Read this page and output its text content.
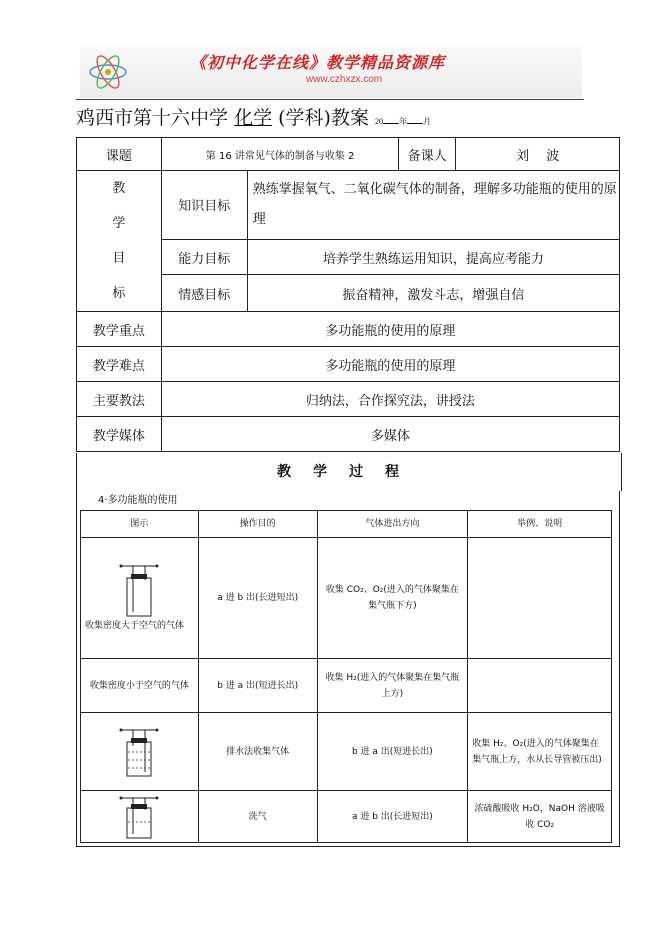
《初中化学在线》教学精品资源库
www.czhxzx.com
鸡西市第十六中学 化学 (学科)教案 20 年 月
课题	第 16 讲常见气体的制备与收集 2		备课人	刘　 波

教
学
目
标	知识目标	熟练掌握氧气、二氧化碳气体的制备，理解多功能瓶的使用的原理		
	能力目标	培养学生熟练运用知识，提高应考能力		
	情感目标	振奋精神，激发斗志，增强自信		
教学重点	多功能瓶的使用的原理			
教学难点	多功能瓶的使用的原理			
主要教法	归纳法，合作探究法，讲授法			
教学媒体	多媒体			
教学过程
4·多功能瓶的使用
图示	操作目的	气体进出方向	举例、说明

收集密度大于空气的气体	a 进 b 出(长进短出)	收集 CO₂、O₂(进入的气体聚集在集气瓶下方)	
收集密度小于空气的气体	b 进 a 出(短进长出)	收集 H₂(进入的气体聚集在集气瓶上方)	

	排水法收集气体	b 进 a 出(短进长出)	收集 H₂、O₂(进入的气体聚集在集气瓶上方，水从长导管被压出)

	洗气	a 进 b 出(长进短出)	浓硫酸吸收 H₂O，NaOH 溶液吸收 CO₂
